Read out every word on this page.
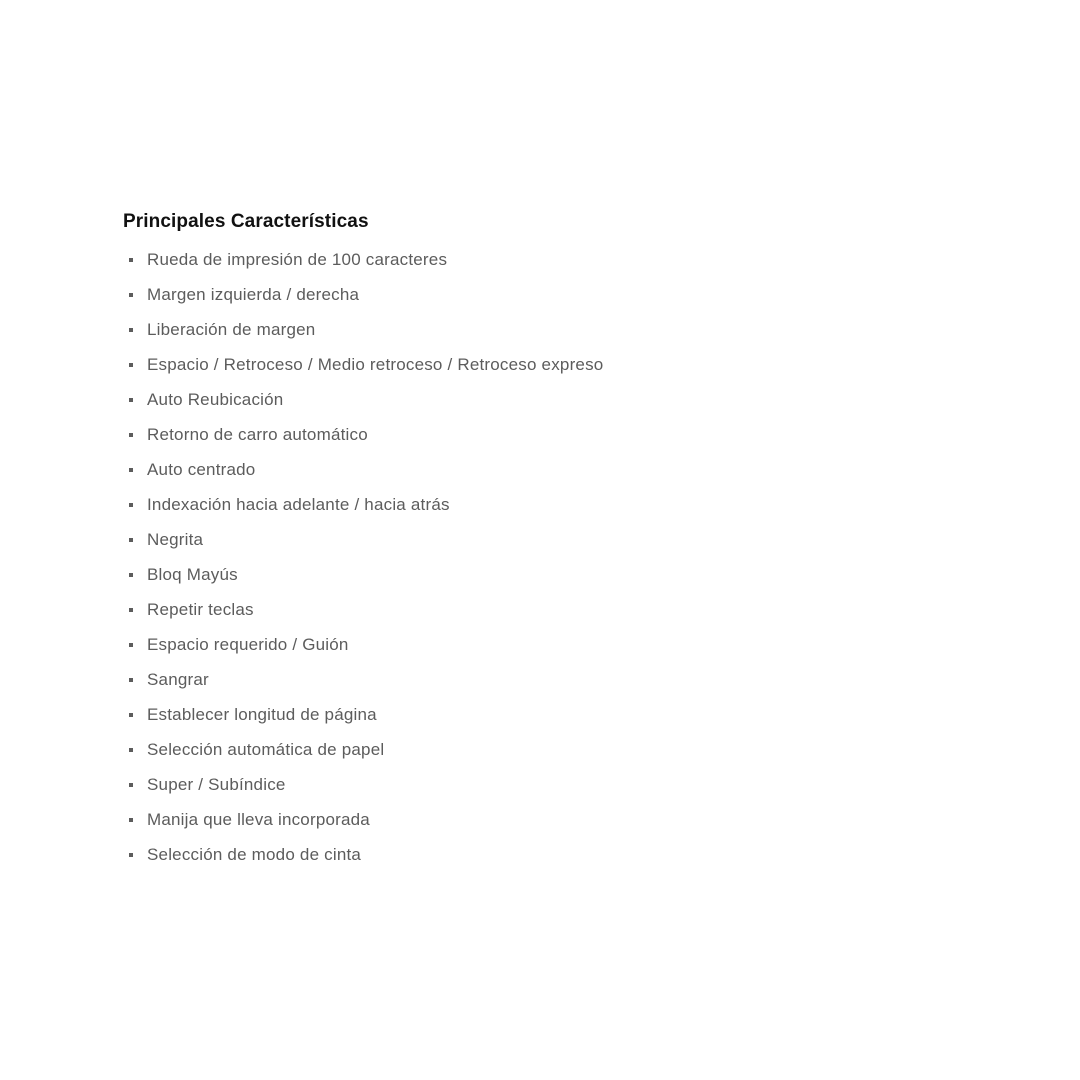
Principales Características
Rueda de impresión de 100 caracteres
Margen izquierda / derecha
Liberación de margen
Espacio / Retroceso / Medio retroceso / Retroceso expreso
Auto Reubicación
Retorno de carro automático
Auto centrado
Indexación hacia adelante / hacia atrás
Negrita
Bloq Mayús
Repetir teclas
Espacio requerido / Guión
Sangrar
Establecer longitud de página
Selección automática de papel
Super / Subíndice
Manija que lleva incorporada
Selección de modo de cinta
